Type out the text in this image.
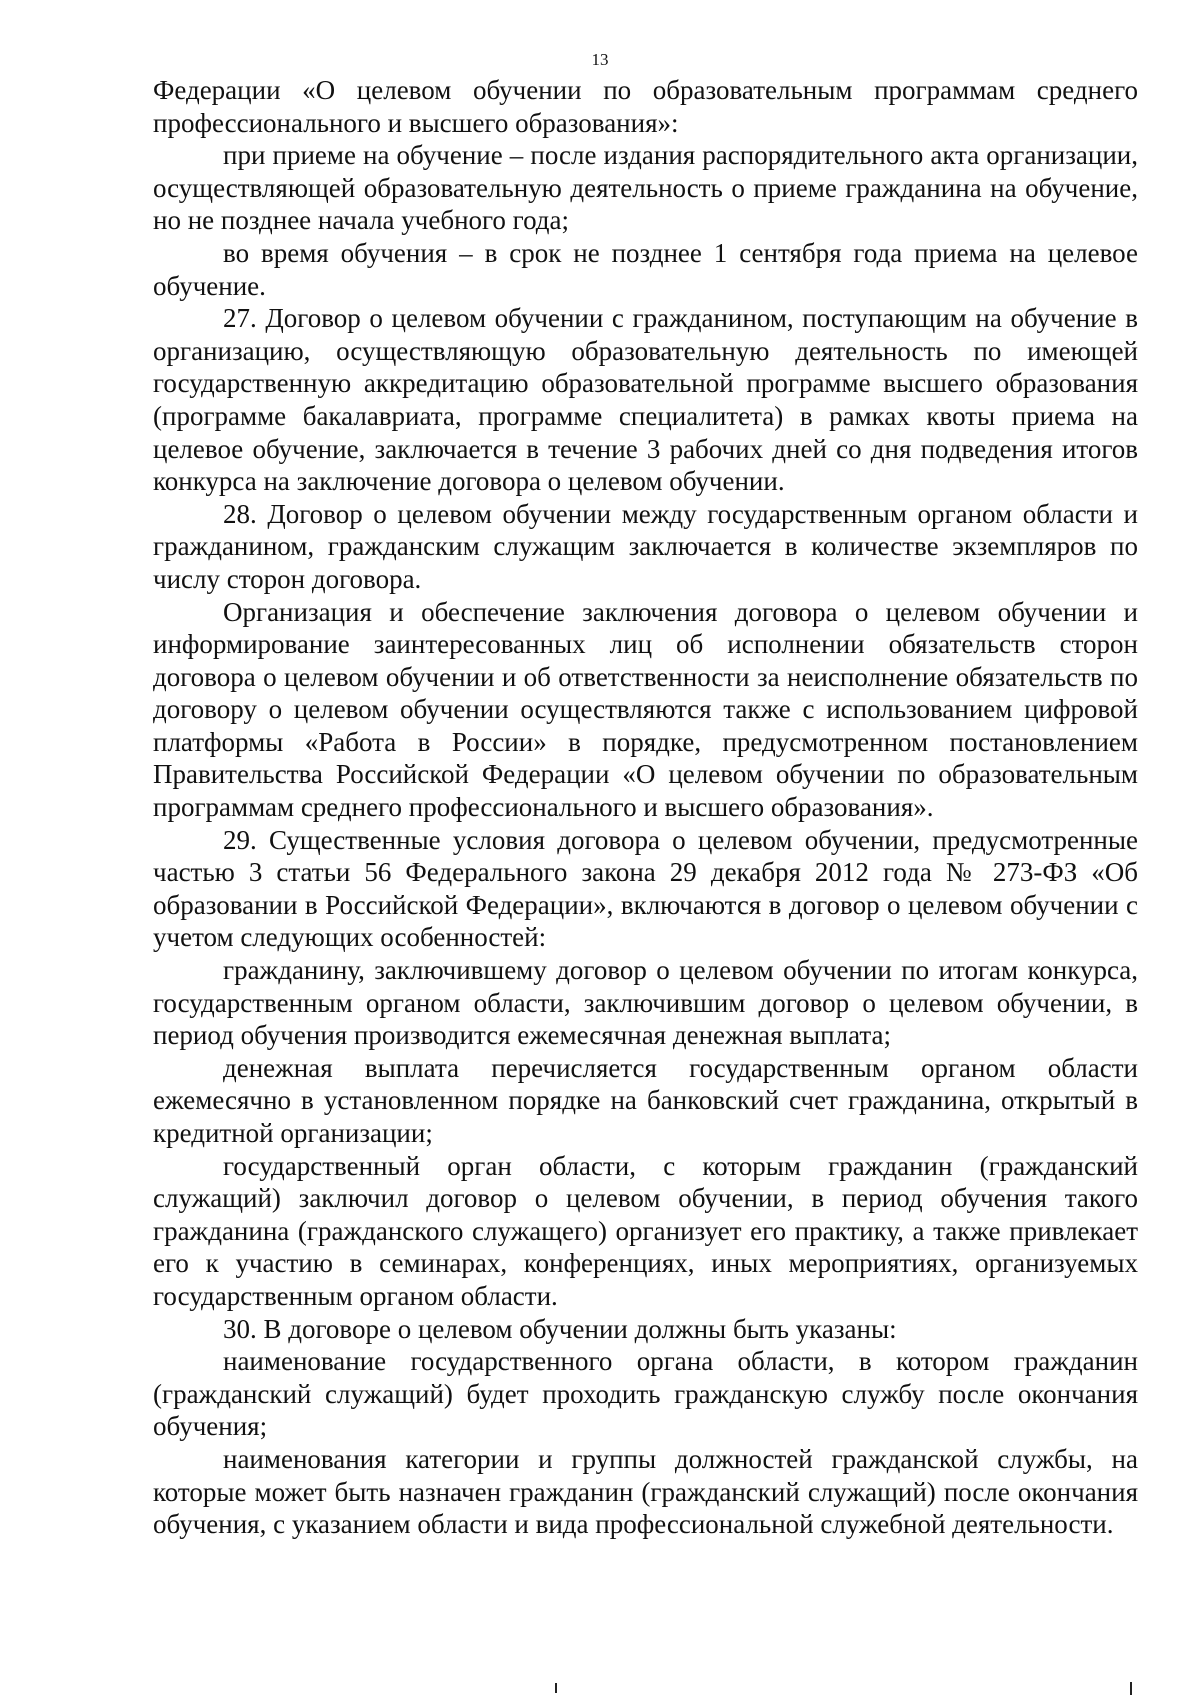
13

Федерации «О целевом обучении по образовательным программам среднего профессионального и высшего образования»:

при приеме на обучение – после издания распорядительного акта организации, осуществляющей образовательную деятельность о приеме гражданина на обучение, но не позднее начала учебного года;

во время обучения – в срок не позднее 1 сентября года приема на целевое обучение.

27. Договор о целевом обучении с гражданином, поступающим на обучение в организацию, осуществляющую образовательную деятельность по имеющей государственную аккредитацию образовательной программе высшего образования (программе бакалавриата, программе специалитета) в рамках квоты приема на целевое обучение, заключается в течение 3 рабочих дней со дня подведения итогов конкурса на заключение договора о целевом обучении.

28. Договор о целевом обучении между государственным органом области и гражданином, гражданским служащим заключается в количестве экземпляров по числу сторон договора.

Организация и обеспечение заключения договора о целевом обучении и информирование заинтересованных лиц об исполнении обязательств сторон договора о целевом обучении и об ответственности за неисполнение обязательств по договору о целевом обучении осуществляются также с использованием цифровой платформы «Работа в России» в порядке, предусмотренном постановлением Правительства Российской Федерации «О целевом обучении по образовательным программам среднего профессионального и высшего образования».

29. Существенные условия договора о целевом обучении, предусмотренные частью 3 статьи 56 Федерального закона 29 декабря 2012 года № 273-ФЗ «Об образовании в Российской Федерации», включаются в договор о целевом обучении с учетом следующих особенностей:

гражданину, заключившему договор о целевом обучении по итогам конкурса, государственным органом области, заключившим договор о целевом обучении, в период обучения производится ежемесячная денежная выплата;

денежная выплата перечисляется государственным органом области ежемесячно в установленном порядке на банковский счет гражданина, открытый в кредитной организации;

государственный орган области, с которым гражданин (гражданский служащий) заключил договор о целевом обучении, в период обучения такого гражданина (гражданского служащего) организует его практику, а также привлекает его к участию в семинарах, конференциях, иных мероприятиях, организуемых государственным органом области.

30. В договоре о целевом обучении должны быть указаны:

наименование государственного органа области, в котором гражданин (гражданский служащий) будет проходить гражданскую службу после окончания обучения;

наименования категории и группы должностей гражданской службы, на которые может быть назначен гражданин (гражданский служащий) после окончания обучения, с указанием области и вида профессиональной служебной деятельности.
